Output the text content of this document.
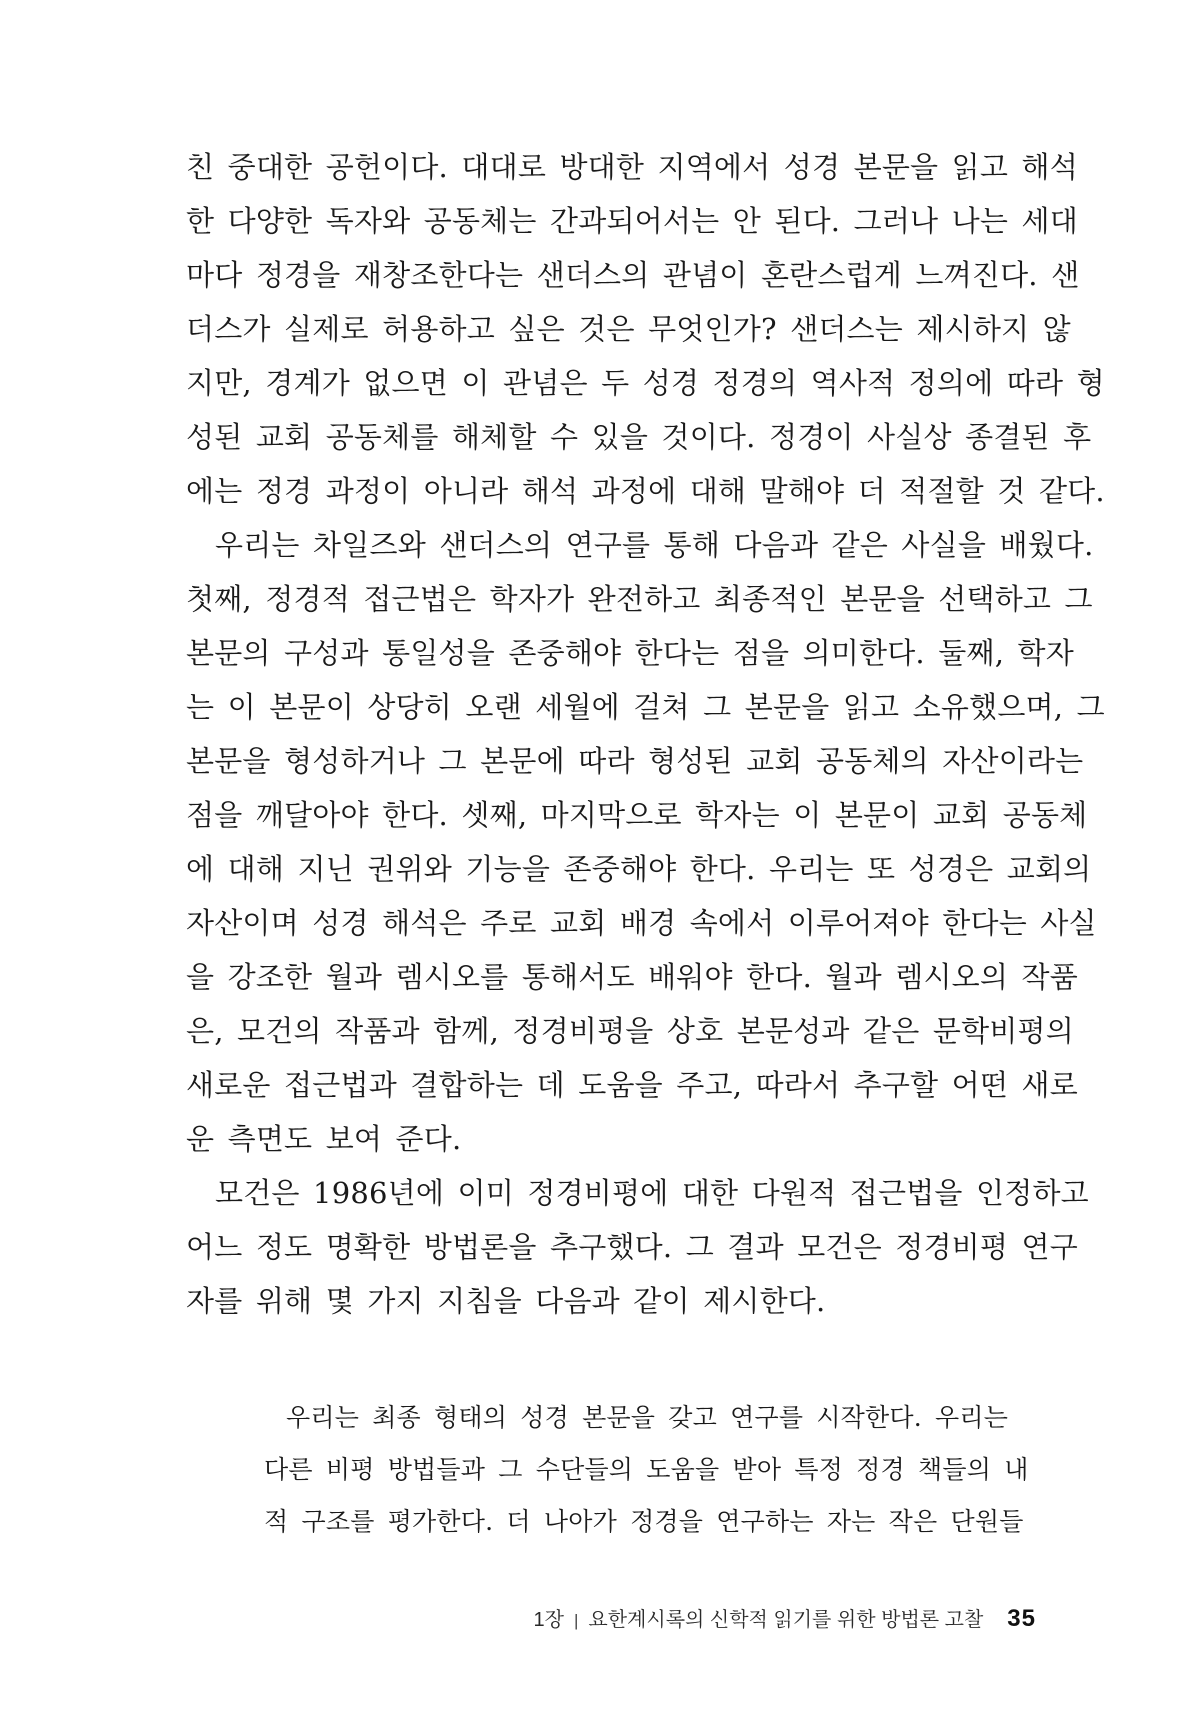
친 중대한 공헌이다. 대대로 방대한 지역에서 성경 본문을 읽고 해석
한 다양한 독자와 공동체는 간과되어서는 안 된다. 그러나 나는 세대
마다 정경을 재창조한다는 샌더스의 관념이 혼란스럽게 느껴진다. 샌
더스가 실제로 허용하고 싶은 것은 무엇인가? 샌더스는 제시하지 않
지만, 경계가 없으면 이 관념은 두 성경 정경의 역사적 정의에 따라 형
성된 교회 공동체를 해체할 수 있을 것이다. 정경이 사실상 종결된 후
에는 정경 과정이 아니라 해석 과정에 대해 말해야 더 적절할 것 같다.
우리는 차일즈와 샌더스의 연구를 통해 다음과 같은 사실을 배웠다.
첫째, 정경적 접근법은 학자가 완전하고 최종적인 본문을 선택하고 그
본문의 구성과 통일성을 존중해야 한다는 점을 의미한다. 둘째, 학자
는 이 본문이 상당히 오랜 세월에 걸쳐 그 본문을 읽고 소유했으며, 그
본문을 형성하거나 그 본문에 따라 형성된 교회 공동체의 자산이라는
점을 깨달아야 한다. 셋째, 마지막으로 학자는 이 본문이 교회 공동체
에 대해 지닌 권위와 기능을 존중해야 한다. 우리는 또 성경은 교회의
자산이며 성경 해석은 주로 교회 배경 속에서 이루어져야 한다는 사실
을 강조한 월과 렘시오를 통해서도 배워야 한다. 월과 렘시오의 작품
은, 모건의 작품과 함께, 정경비평을 상호 본문성과 같은 문학비평의
새로운 접근법과 결합하는 데 도움을 주고, 따라서 추구할 어떤 새로
운 측면도 보여 준다.
모건은 1986년에 이미 정경비평에 대한 다원적 접근법을 인정하고
어느 정도 명확한 방법론을 추구했다. 그 결과 모건은 정경비평 연구
자를 위해 몇 가지 지침을 다음과 같이 제시한다.
우리는 최종 형태의 성경 본문을 갖고 연구를 시작한다. 우리는
다른 비평 방법들과 그 수단들의 도움을 받아 특정 정경 책들의 내
적 구조를 평가한다. 더 나아가 정경을 연구하는 자는 작은 단원들
1장 | 요한계시록의 신학적 읽기를 위한 방법론 고찰 35
